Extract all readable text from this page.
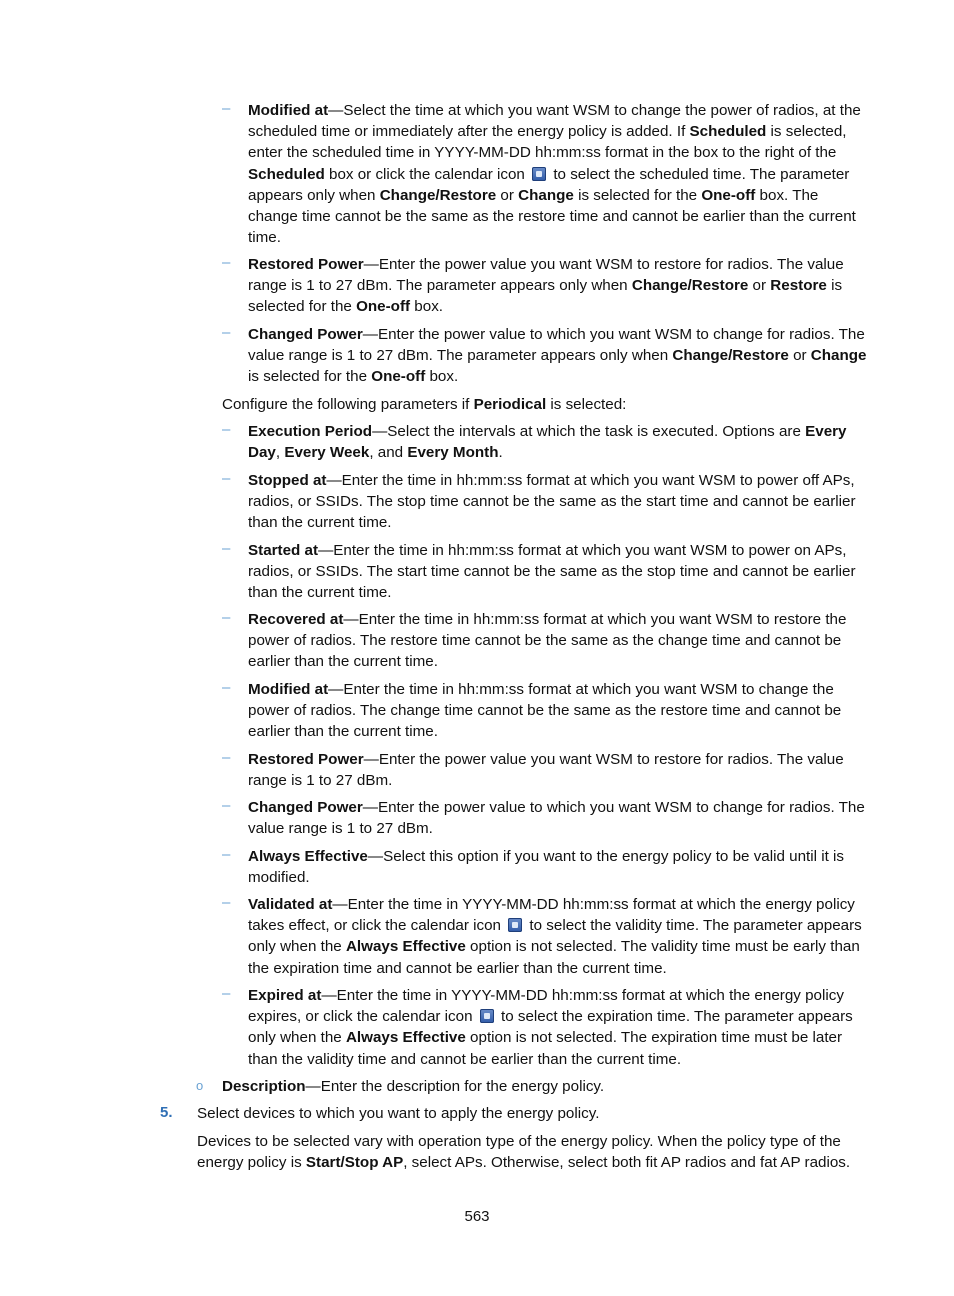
– Modified at—Select the time at which you want WSM to change the power of radios, at the scheduled time or immediately after the energy policy is added. If Scheduled is selected, enter the scheduled time in YYYY-MM-DD hh:mm:ss format in the box to the right of the Scheduled box or click the calendar icon  to select the scheduled time. The parameter appears only when Change/Restore or Change is selected for the One-off box. The change time cannot be the same as the restore time and cannot be earlier than the current time.
– Restored Power—Enter the power value you want WSM to restore for radios. The value range is 1 to 27 dBm. The parameter appears only when Change/Restore or Restore is selected for the One-off box.
– Changed Power—Enter the power value to which you want WSM to change for radios. The value range is 1 to 27 dBm. The parameter appears only when Change/Restore or Change is selected for the One-off box.
Configure the following parameters if Periodical is selected:
– Execution Period—Select the intervals at which the task is executed. Options are Every Day, Every Week, and Every Month.
– Stopped at—Enter the time in hh:mm:ss format at which you want WSM to power off APs, radios, or SSIDs. The stop time cannot be the same as the start time and cannot be earlier than the current time.
– Started at—Enter the time in hh:mm:ss format at which you want WSM to power on APs, radios, or SSIDs. The start time cannot be the same as the stop time and cannot be earlier than the current time.
– Recovered at—Enter the time in hh:mm:ss format at which you want WSM to restore the power of radios. The restore time cannot be the same as the change time and cannot be earlier than the current time.
– Modified at—Enter the time in hh:mm:ss format at which you want WSM to change the power of radios. The change time cannot be the same as the restore time and cannot be earlier than the current time.
– Restored Power—Enter the power value you want WSM to restore for radios. The value range is 1 to 27 dBm.
– Changed Power—Enter the power value to which you want WSM to change for radios. The value range is 1 to 27 dBm.
– Always Effective—Select this option if you want to the energy policy to be valid until it is modified.
– Validated at—Enter the time in YYYY-MM-DD hh:mm:ss format at which the energy policy takes effect, or click the calendar icon  to select the validity time. The parameter appears only when the Always Effective option is not selected. The validity time must be early than the expiration time and cannot be earlier than the current time.
– Expired at—Enter the time in YYYY-MM-DD hh:mm:ss format at which the energy policy expires, or click the calendar icon  to select the expiration time. The parameter appears only when the Always Effective option is not selected. The expiration time must be later than the validity time and cannot be earlier than the current time.
o Description—Enter the description for the energy policy.
5. Select devices to which you want to apply the energy policy.
Devices to be selected vary with operation type of the energy policy. When the policy type of the energy policy is Start/Stop AP, select APs. Otherwise, select both fit AP radios and fat AP radios.
563
